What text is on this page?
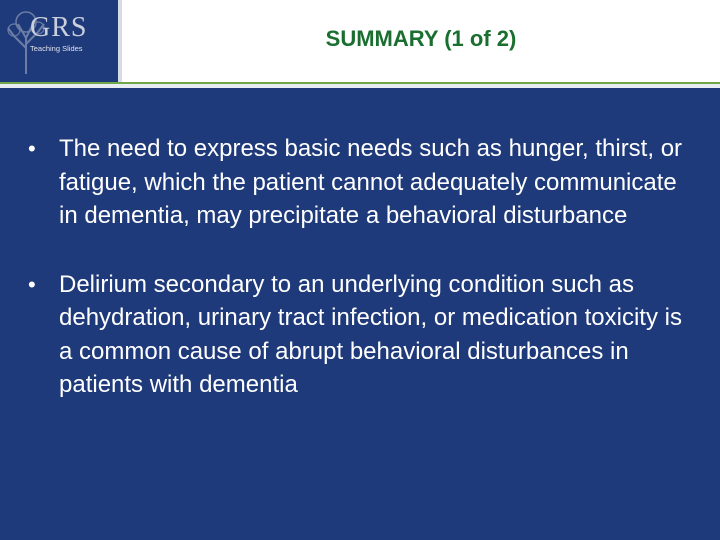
GRS
Teaching Slides	SUMMARY (1 of 2)
• The need to express basic needs such as hunger, thirst, or fatigue, which the patient cannot adequately communicate in dementia, may precipitate a behavioral disturbance
• Delirium secondary to an underlying condition such as dehydration, urinary tract infection, or medication toxicity is a common cause of abrupt behavioral disturbances in patients with dementia
